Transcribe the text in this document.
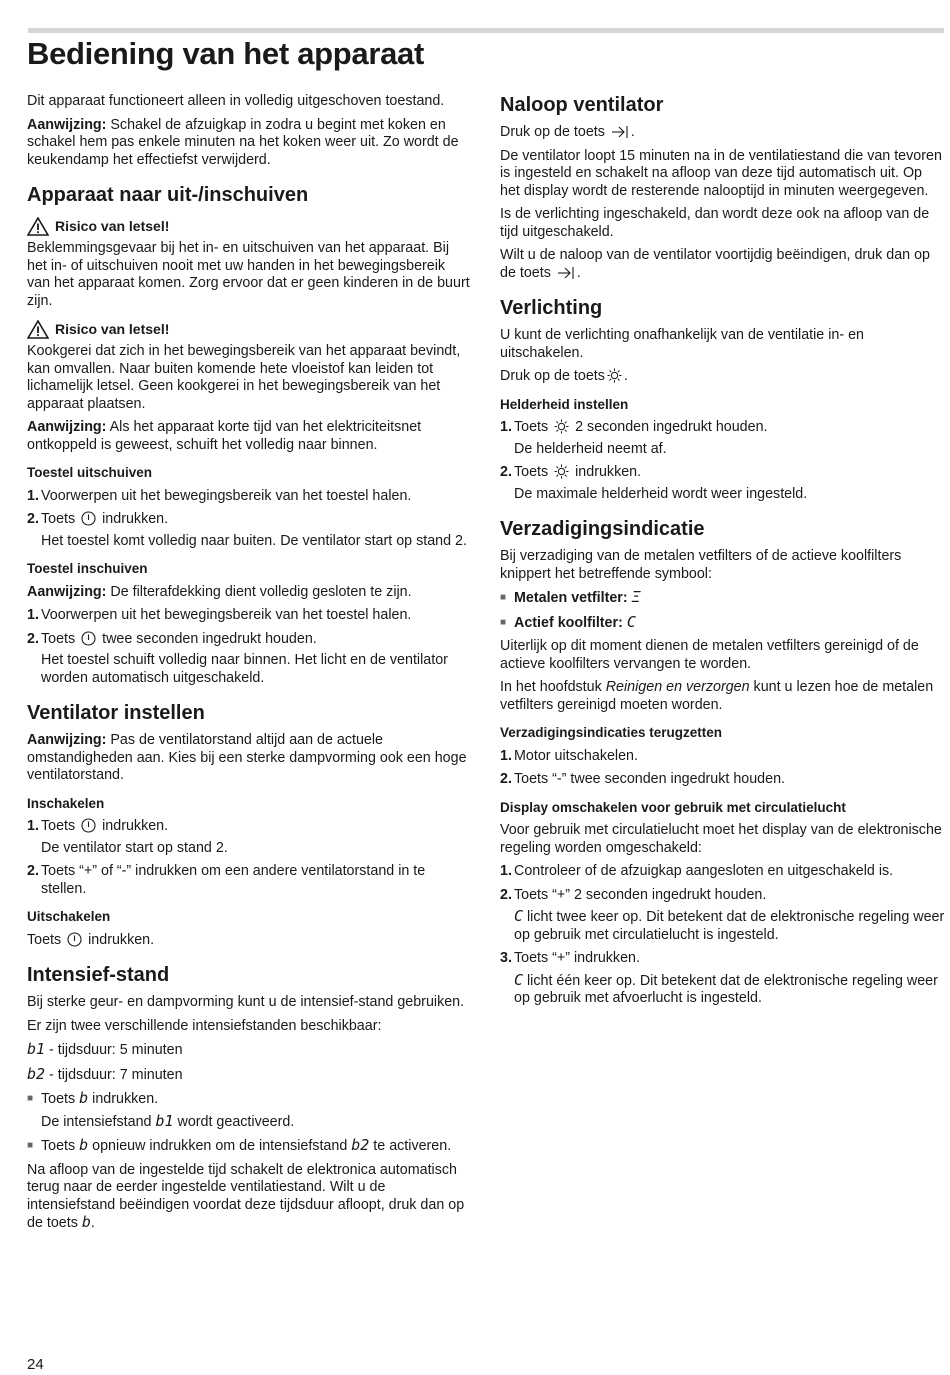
Bediening van het apparaat

Dit apparaat functioneert alleen in volledig uitgeschoven toestand.

Aanwijzing: Schakel de afzuigkap in zodra u begint met koken en schakel hem pas enkele minuten na het koken weer uit. Zo wordt de keukendamp het effectiefst verwijderd.

Apparaat naar uit-/inschuiven
Risico van letsel!

Beklemmingsgevaar bij het in- en uitschuiven van het apparaat. Bij het in- of uitschuiven nooit met uw handen in het bewegingsbereik van het apparaat komen. Zorg ervoor dat er geen kinderen in de buurt zijn.

Risico van letsel!

Kookgerei dat zich in het bewegingsbereik van het apparaat bevindt, kan omvallen. Naar buiten komende hete vloeistof kan leiden tot lichamelijk letsel. Geen kookgerei in het bewegingsbereik van het apparaat plaatsen.

Aanwijzing: Als het apparaat korte tijd van het elektriciteitsnet ontkoppeld is geweest, schuift het volledig naar binnen.

Toestel uitschuiven
1. Voorwerpen uit het bewegingsbereik van het toestel halen.
2. Toets
indrukken.
Het toestel komt volledig naar buiten. De ventilator start op stand 2.
Toestel inschuiven

Aanwijzing: De filterafdekking dient volledig gesloten te zijn.

1. Voorwerpen uit het bewegingsbereik van het toestel halen.
2. Toets
twee seconden ingedrukt houden.
Het toestel schuift volledig naar binnen. Het licht en de ventilator worden automatisch uitgeschakeld.
Ventilator instellen

Aanwijzing: Pas de ventilatorstand altijd aan de actuele omstandigheden aan. Kies bij een sterke dampvorming ook een hoge ventilatorstand.

Inschakelen
1. Toets
indrukken.
De ventilator start op stand 2.
2. Toets “+” of “-” indrukken om een andere ventilatorstand in te stellen.
Uitschakelen

Toets
indrukken.

Intensief-stand

Bij sterke geur- en dampvorming kunt u de intensief-stand gebruiken.

Er zijn twee verschillende intensiefstanden beschikbaar:

b1 - tijdsduur: 5 minuten

b2 - tijdsduur: 7 minuten

■ Toets b indrukken.
De intensiefstand b1 wordt geactiveerd.
■ Toets b opnieuw indrukken om de intensiefstand b2 te activeren.

Na afloop van de ingestelde tijd schakelt de elektronica automatisch terug naar de eerder ingestelde ventilatiestand. Wilt u de intensiefstand beëindigen voordat deze tijdsduur afloopt, druk dan op de toets b.

Naloop ventilator

Druk op de toets
.

De ventilator loopt 15 minuten na in de ventilatiestand die van tevoren is ingesteld en schakelt na afloop van deze tijd automatisch uit. Op het display wordt de resterende nalooptijd in minuten weergegeven.

Is de verlichting ingeschakeld, dan wordt deze ook na afloop van de tijd uitgeschakeld.

Wilt u de naloop van de ventilator voortijdig beëindigen, druk dan op de toets
.

Verlichting

U kunt de verlichting onafhankelijk van de ventilatie in- en uitschakelen.

Druk op de toets .

Helderheid instellen
1. Toets
2 seconden ingedrukt houden.
De helderheid neemt af.
2. Toets
indrukken.
De maximale helderheid wordt weer ingesteld.
Verzadigingsindicatie

Bij verzadiging van de metalen vetfilters of de actieve koolfilters knippert het betreffende symbool:

■ Metalen vetfilter: Ξ
■ Actief koolfilter: C

Uiterlijk op dit moment dienen de metalen vetfilters gereinigd of de actieve koolfilters vervangen te worden.

In het hoofdstuk Reinigen en verzorgen kunt u lezen hoe de metalen vetfilters gereinigd moeten worden.

Verzadigingsindicaties terugzetten
1. Motor uitschakelen.
2. Toets “-” twee seconden ingedrukt houden.
Display omschakelen voor gebruik met circulatielucht

Voor gebruik met circulatielucht moet het display van de elektronische regeling worden omgeschakeld:

1. Controleer of de afzuigkap aangesloten en uitgeschakeld is.
2. Toets “+” 2 seconden ingedrukt houden.
C licht twee keer op. Dit betekent dat de elektronische regeling weer op gebruik met circulatielucht is ingesteld.
3. Toets “+” indrukken.
C licht één keer op. Dit betekent dat de elektronische regeling weer op gebruik met afvoerlucht is ingesteld.
24
